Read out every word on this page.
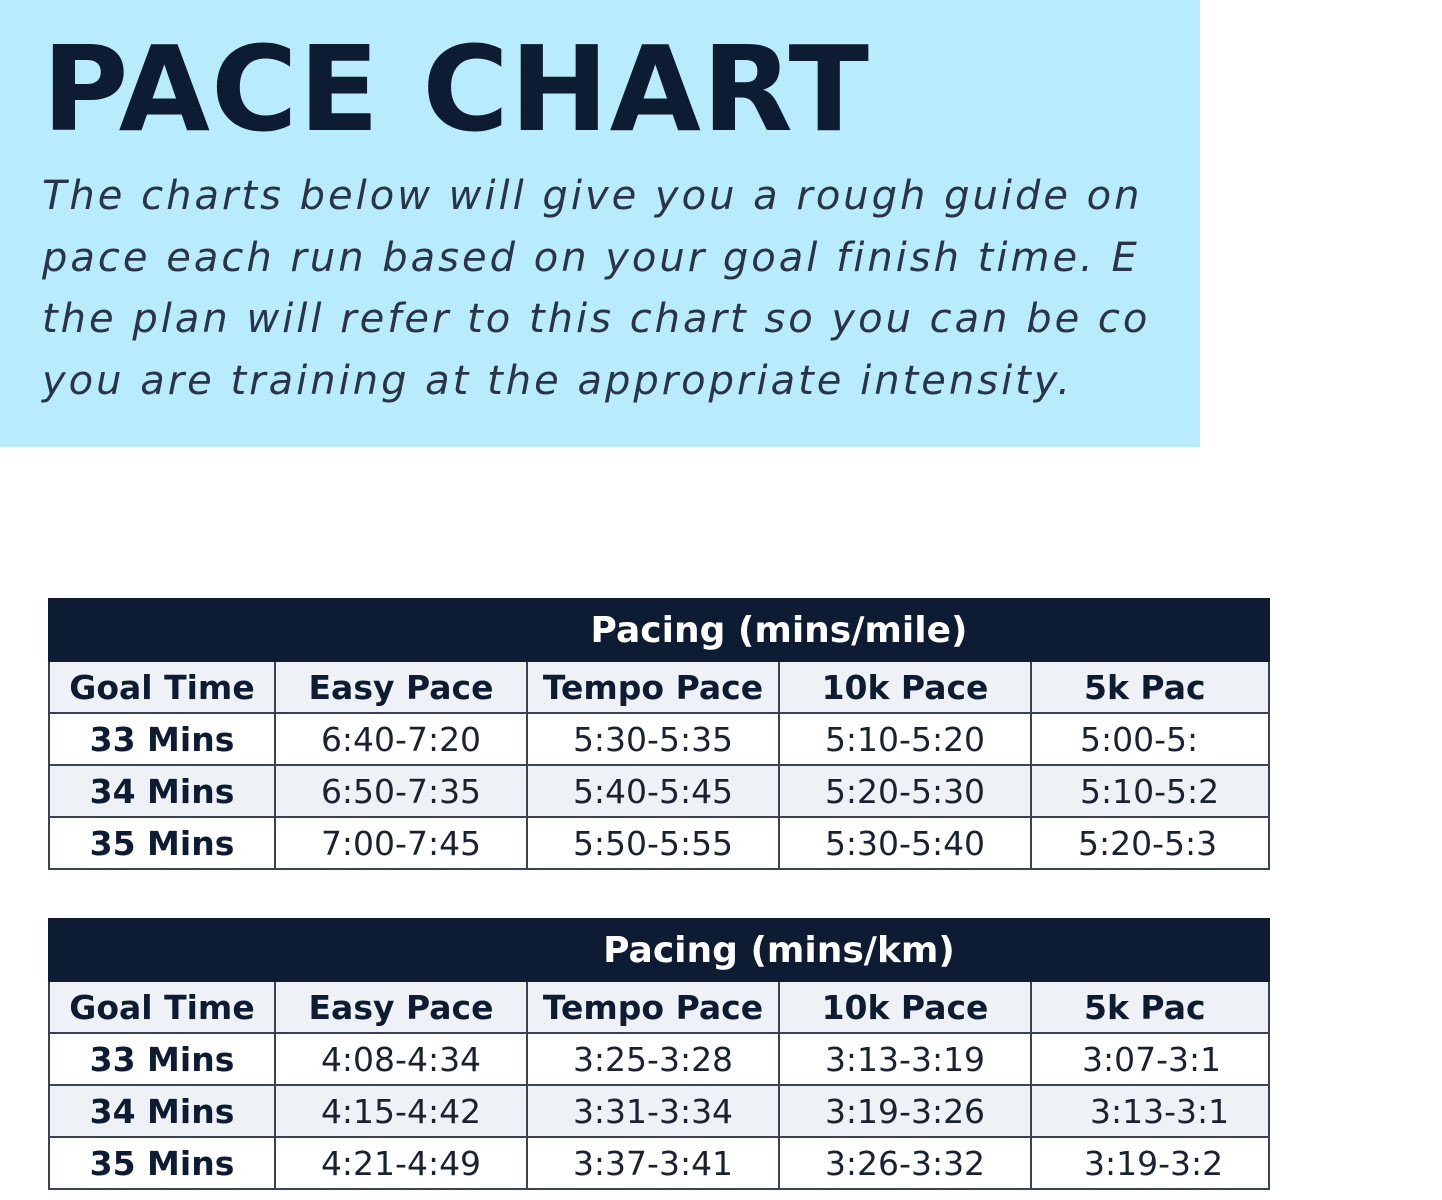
PACE CHART
The charts below will give you a rough guide on
pace each run based on your goal finish time. E
the plan will refer to this chart so you can be co
you are training at the appropriate intensity.
Pacing (mins/mile)				
Goal Time	Easy Pace	Tempo Pace	10k Pace	5k Pac
33 Mins	6:40-7:20	5:30-5:35	5:10-5:20	5:00-5:
34 Mins	6:50-7:35	5:40-5:45	5:20-5:30	5:10-5:2
35 Mins	7:00-7:45	5:50-5:55	5:30-5:40	5:20-5:3
Pacing (mins/km)				
Goal Time	Easy Pace	Tempo Pace	10k Pace	5k Pac
33 Mins	4:08-4:34	3:25-3:28	3:13-3:19	3:07-3:1
34 Mins	4:15-4:42	3:31-3:34	3:19-3:26	3:13-3:1
35 Mins	4:21-4:49	3:37-3:41	3:26-3:32	3:19-3:2
